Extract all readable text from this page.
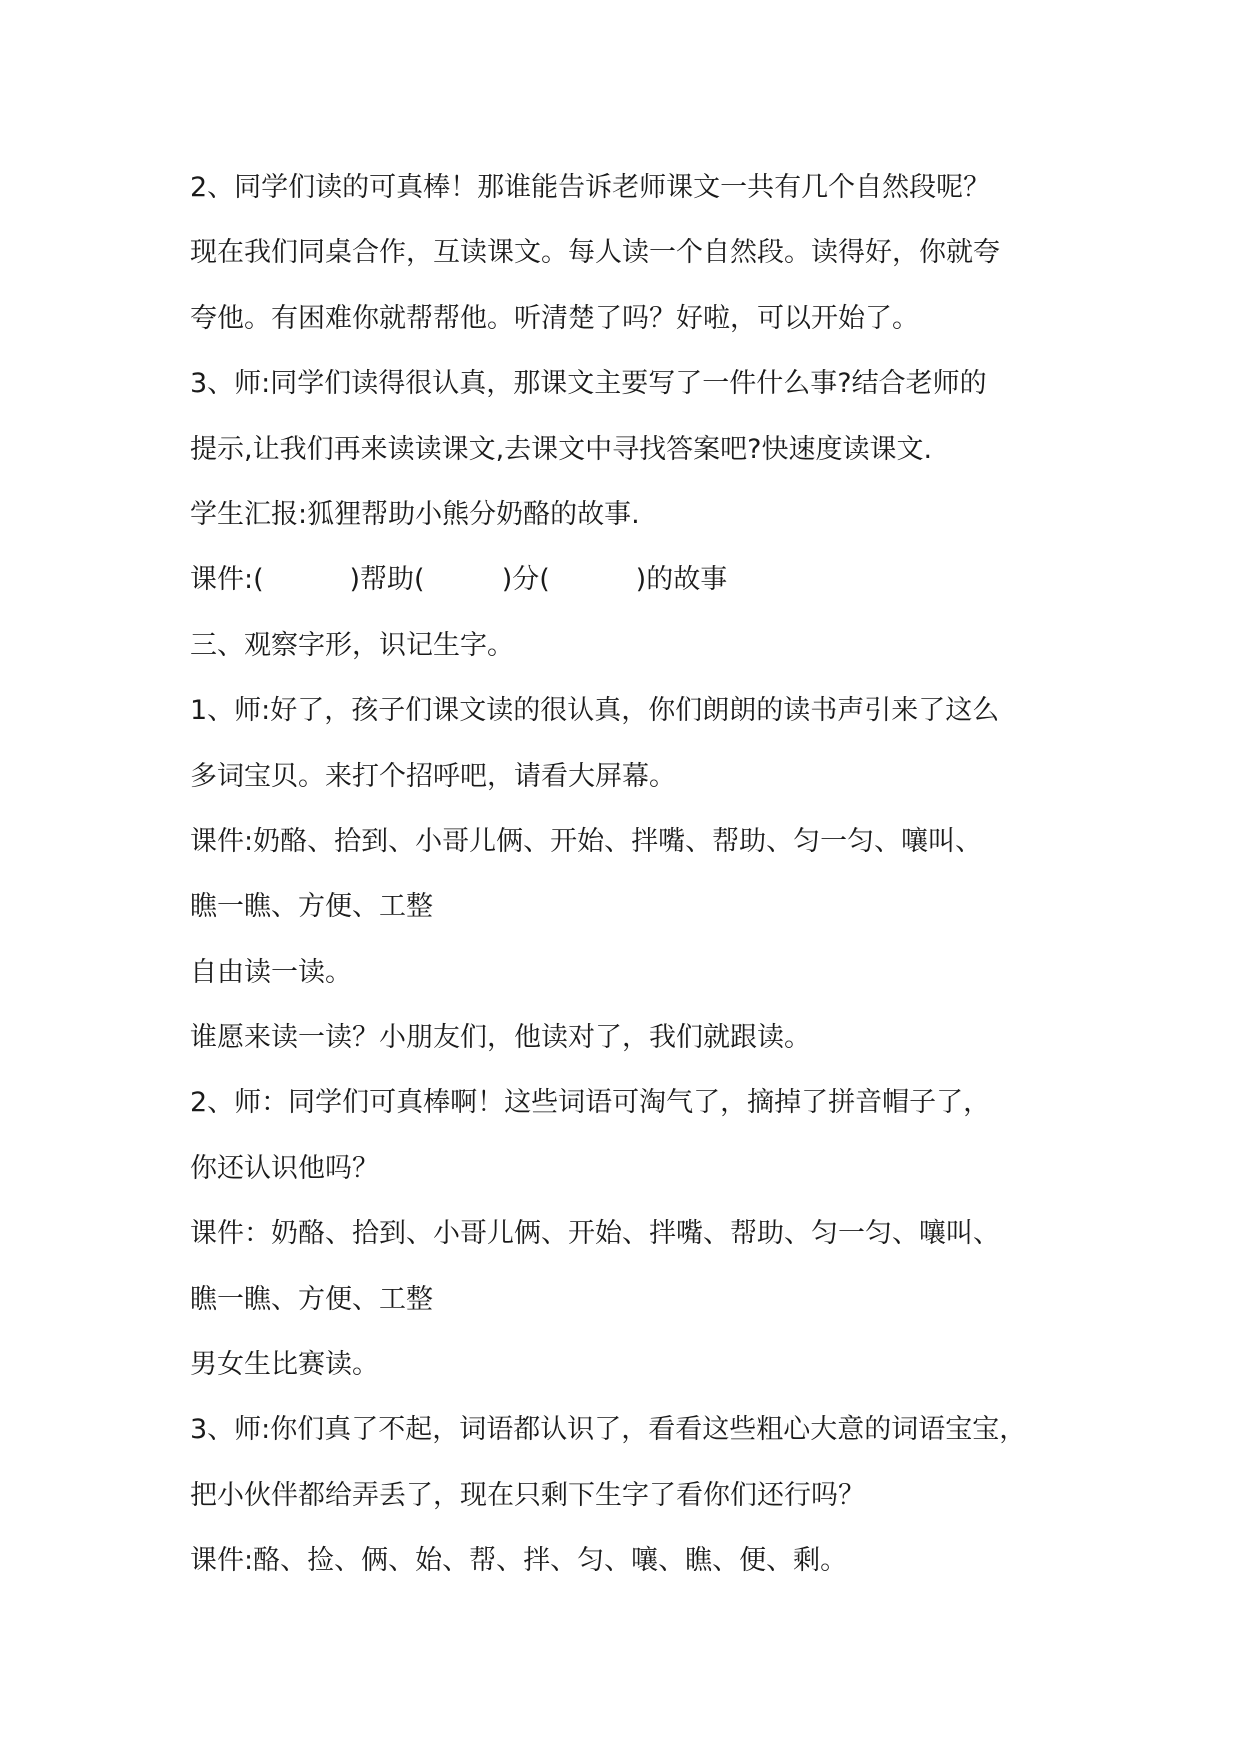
2、同学们读的可真棒！那谁能告诉老师课文一共有几个自然段呢？
现在我们同桌合作，互读课文。每人读一个自然段。读得好，你就夸
夸他。有困难你就帮帮他。听清楚了吗？好啦，可以开始了。
3、师:同学们读得很认真，那课文主要写了一件什么事?结合老师的
提示,让我们再来读读课文,去课文中寻找答案吧?快速度读课文.
学生汇报:狐狸帮助小熊分奶酪的故事.
课件:(          )帮助(         )分(          )的故事
三、观察字形，识记生字。
1、师:好了，孩子们课文读的很认真，你们朗朗的读书声引来了这么
多词宝贝。来打个招呼吧，请看大屏幕。
课件:奶酪、拾到、小哥儿俩、开始、拌嘴、帮助、匀一匀、嚷叫、
瞧一瞧、方便、工整
自由读一读。
谁愿来读一读？小朋友们，他读对了，我们就跟读。
2、师：同学们可真棒啊！这些词语可淘气了，摘掉了拼音帽子了，
你还认识他吗？
课件：奶酪、拾到、小哥儿俩、开始、拌嘴、帮助、匀一匀、嚷叫、
瞧一瞧、方便、工整
男女生比赛读。
3、师:你们真了不起，词语都认识了，看看这些粗心大意的词语宝宝，
把小伙伴都给弄丢了，现在只剩下生字了看你们还行吗？
课件:酪、捡、俩、始、帮、拌、匀、嚷、瞧、便、剩。
